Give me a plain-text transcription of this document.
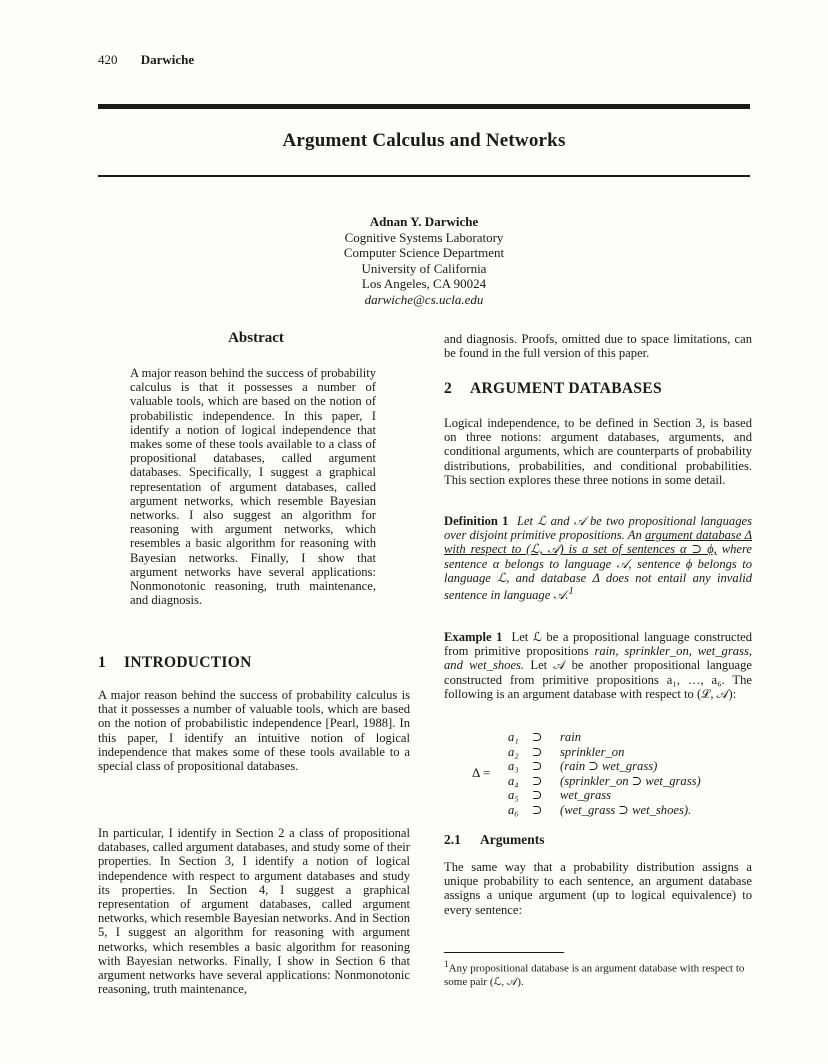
420 Darwiche
Argument Calculus and Networks
Adnan Y. Darwiche
Cognitive Systems Laboratory
Computer Science Department
University of California
Los Angeles, CA 90024
darwiche@cs.ucla.edu
Abstract

A major reason behind the success of probability calculus is that it possesses a number of valuable tools, which are based on the notion of probabilistic independence. In this paper, I identify a notion of logical independence that makes some of these tools available to a class of propositional databases, called argument databases. Specifically, I suggest a graphical representation of argument databases, called argument networks, which resemble Bayesian networks. I also suggest an algorithm for reasoning with argument networks, which resembles a basic algorithm for reasoning with Bayesian networks. Finally, I show that argument networks have several applications: Nonmonotonic reasoning, truth maintenance, and diagnosis.

1 INTRODUCTION

A major reason behind the success of probability calculus is that it possesses a number of valuable tools, which are based on the notion of probabilistic independence [Pearl, 1988]. In this paper, I identify an intuitive notion of logical independence that makes some of these tools available to a special class of propositional databases.

In particular, I identify in Section 2 a class of propositional databases, called argument databases, and study some of their properties. In Section 3, I identify a notion of logical independence with respect to argument databases and study its properties. In Section 4, I suggest a graphical representation of argument databases, called argument networks, which resemble Bayesian networks. And in Section 5, I suggest an algorithm for reasoning with argument networks, which resembles a basic algorithm for reasoning with Bayesian networks. Finally, I show in Section 6 that argument networks have several applications: Nonmonotonic reasoning, truth maintenance,

and diagnosis. Proofs, omitted due to space limitations, can be found in the full version of this paper.

2 ARGUMENT DATABASES

Logical independence, to be defined in Section 3, is based on three notions: argument databases, arguments, and conditional arguments, which are counterparts of probability distributions, probabilities, and conditional probabilities. This section explores these three notions in some detail.

Definition 1 Let ℒ and 𝒜 be two propositional languages over disjoint primitive propositions. An argument database Δ with respect to (ℒ, 𝒜) is a set of sentences α ⊃ ϕ, where sentence α belongs to language 𝒜, sentence ϕ belongs to language ℒ, and database Δ does not entail any invalid sentence in language 𝒜.$^1$

Example 1 Let ℒ be a propositional language constructed from primitive propositions rain, sprinkler_on, wet_grass, and wet_shoes. Let 𝒜 be another propositional language constructed from primitive propositions a₁, …, a₆. The following is an argument database with respect to (ℒ, 𝒜):

Δ =
a₁ ⊃ rain
a₂ ⊃ sprinkler_on
a₃ ⊃ (rain ⊃ wet_grass)
a₄ ⊃ (sprinkler_on ⊃ wet_grass)
a₅ ⊃ wet_grass
a₆ ⊃ (wet_grass ⊃ wet_shoes).
2.1 Arguments

The same way that a probability distribution assigns a unique probability to each sentence, an argument database assigns a unique argument (up to logical equivalence) to every sentence:

$^1$Any propositional database is an argument database with respect to some pair (ℒ, 𝒜).
